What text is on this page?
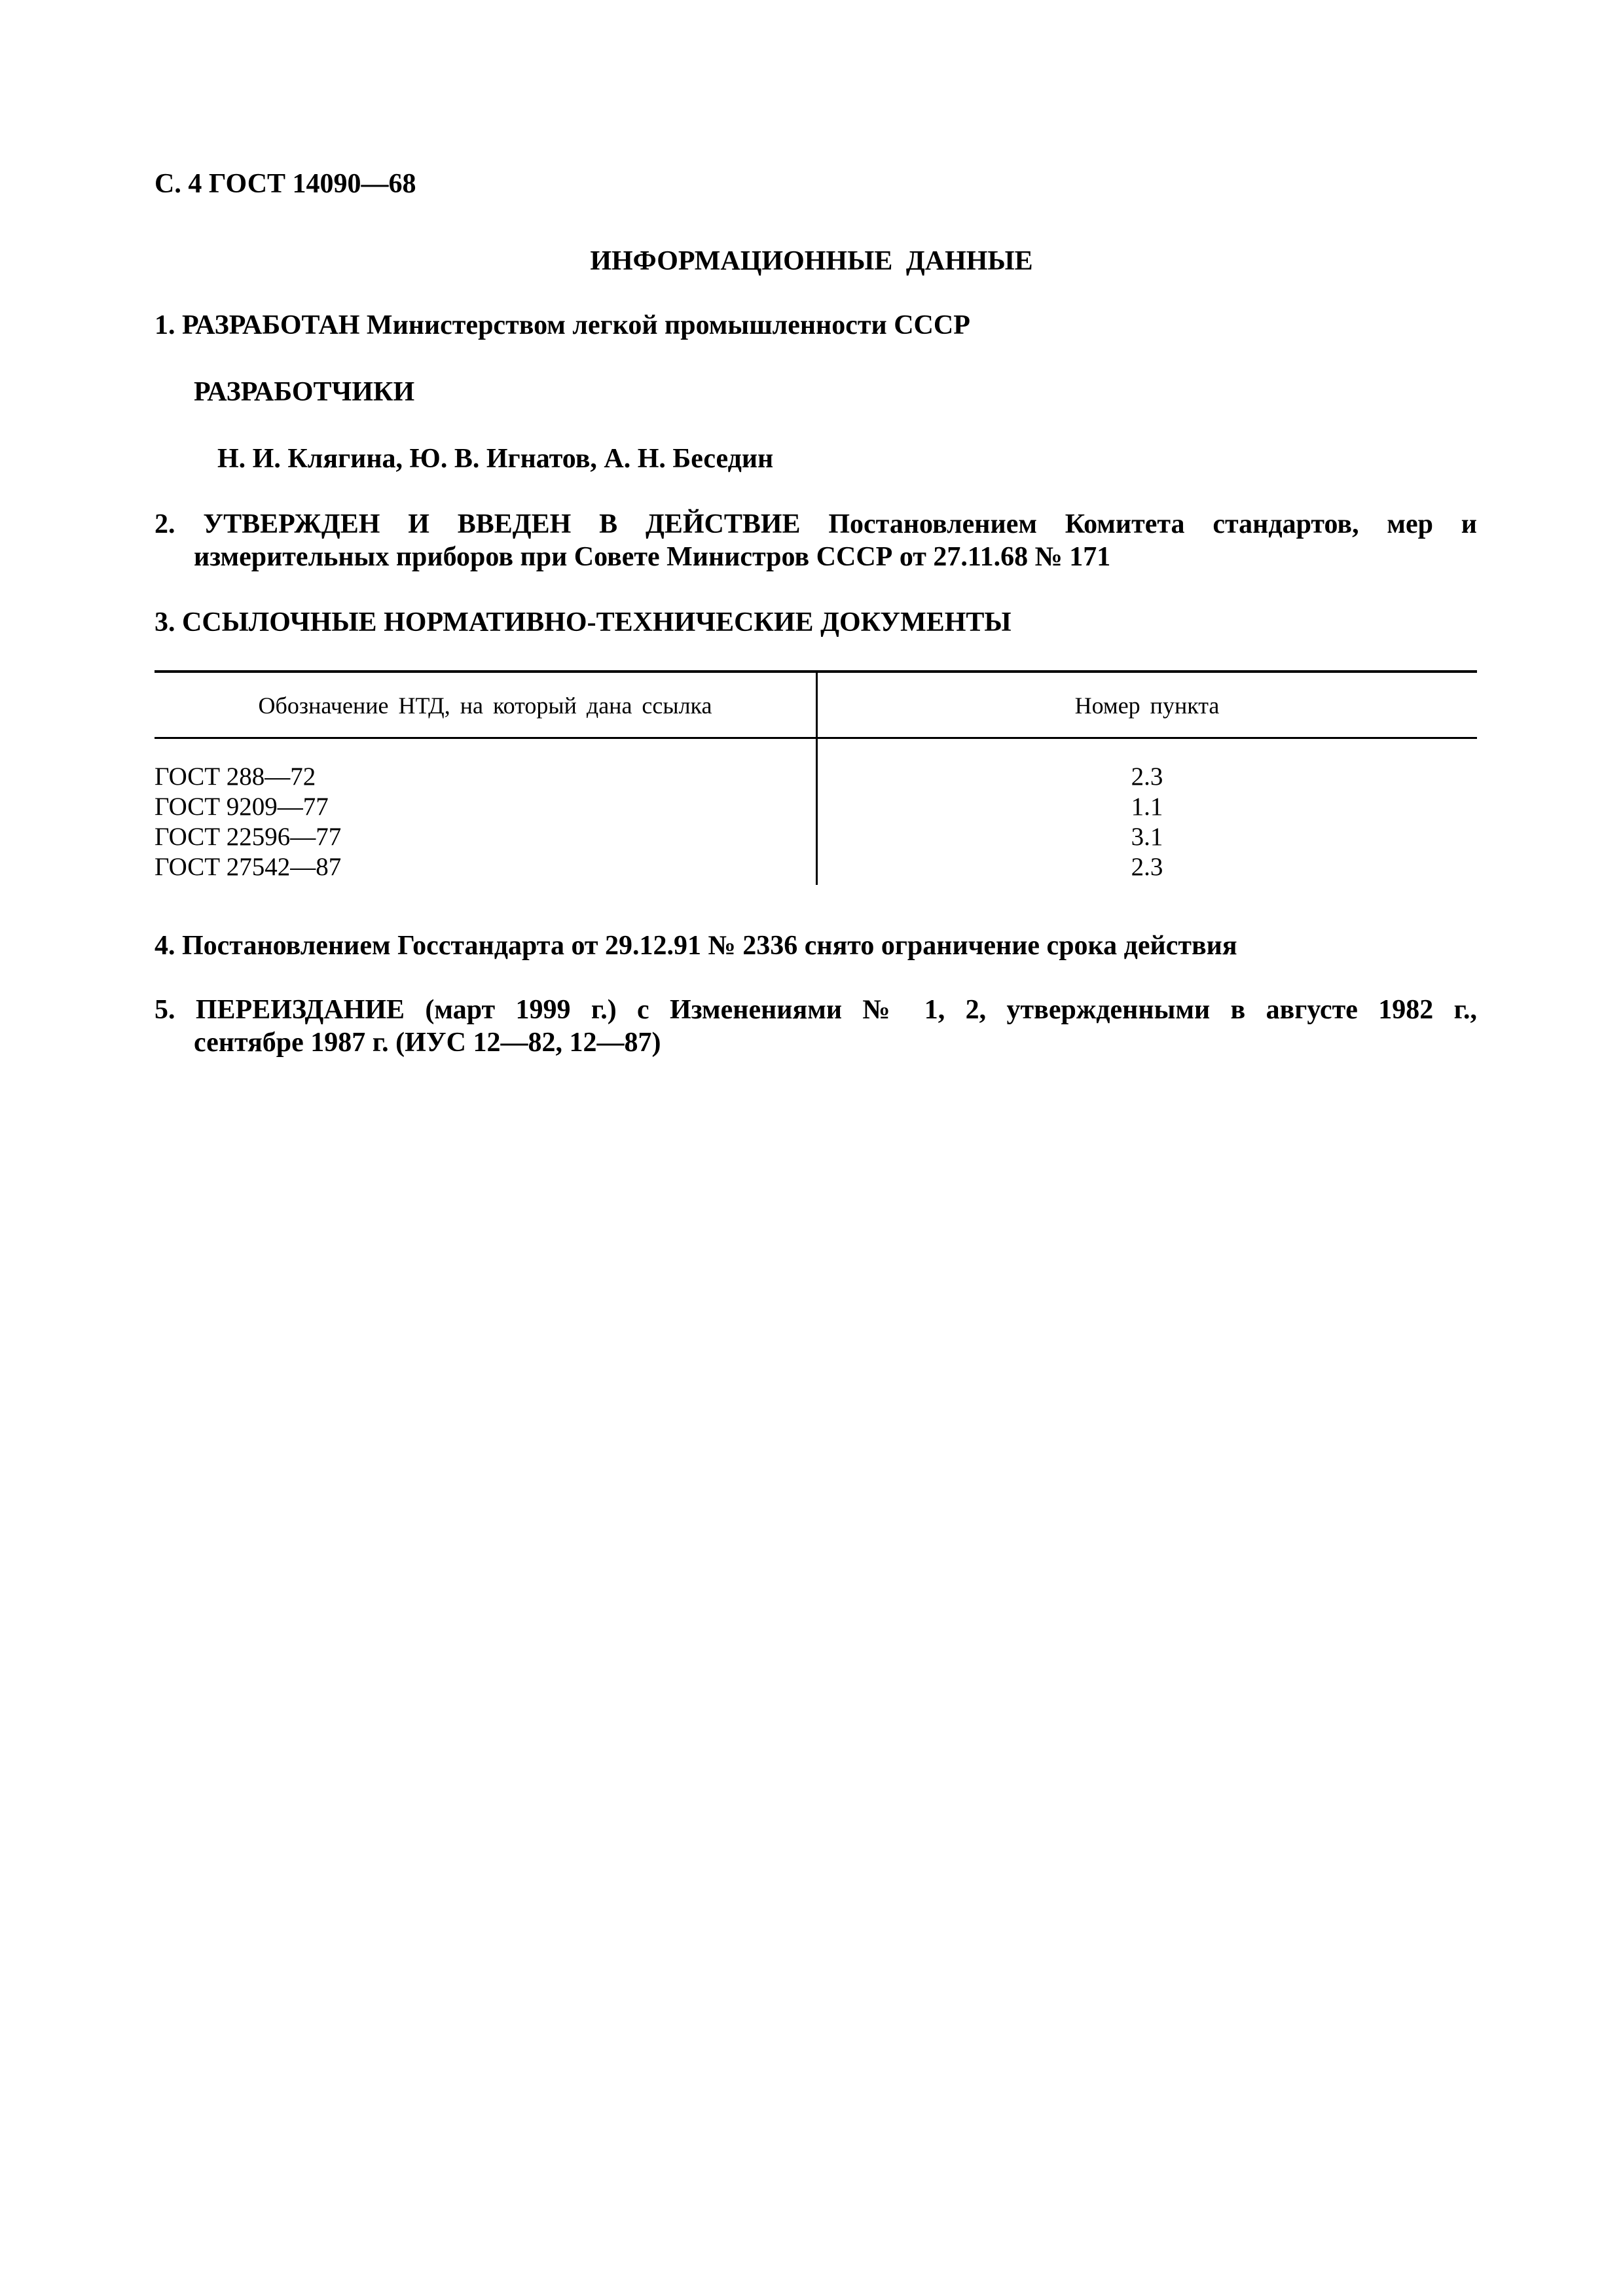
С. 4 ГОСТ 14090—68
ИНФОРМАЦИОННЫЕ ДАННЫЕ
1. РАЗРАБОТАН Министерством легкой промышленности СССР
РАЗРАБОТЧИКИ
Н. И. Клягина, Ю. В. Игнатов, А. Н. Беседин
2. УТВЕРЖДЕН И ВВЕДЕН В ДЕЙСТВИЕ Постановлением Комитета стандартов, мер и
измерительных приборов при Совете Министров СССР от 27.11.68 № 171
3. ССЫЛОЧНЫЕ НОРМАТИВНО-ТЕХНИЧЕСКИЕ ДОКУМЕНТЫ
Обозначение НТД, на который дана ссылка	Номер пункта
ГОСТ 288—72	2.3
ГОСТ 9209—77	1.1
ГОСТ 22596—77	3.1
ГОСТ 27542—87	2.3
4. Постановлением Госстандарта от 29.12.91 № 2336 снято ограничение срока действия
5. ПЕРЕИЗДАНИЕ (март 1999 г.) с Изменениями № 1, 2, утвержденными в августе 1982 г.,
сентябре 1987 г. (ИУС 12—82, 12—87)
